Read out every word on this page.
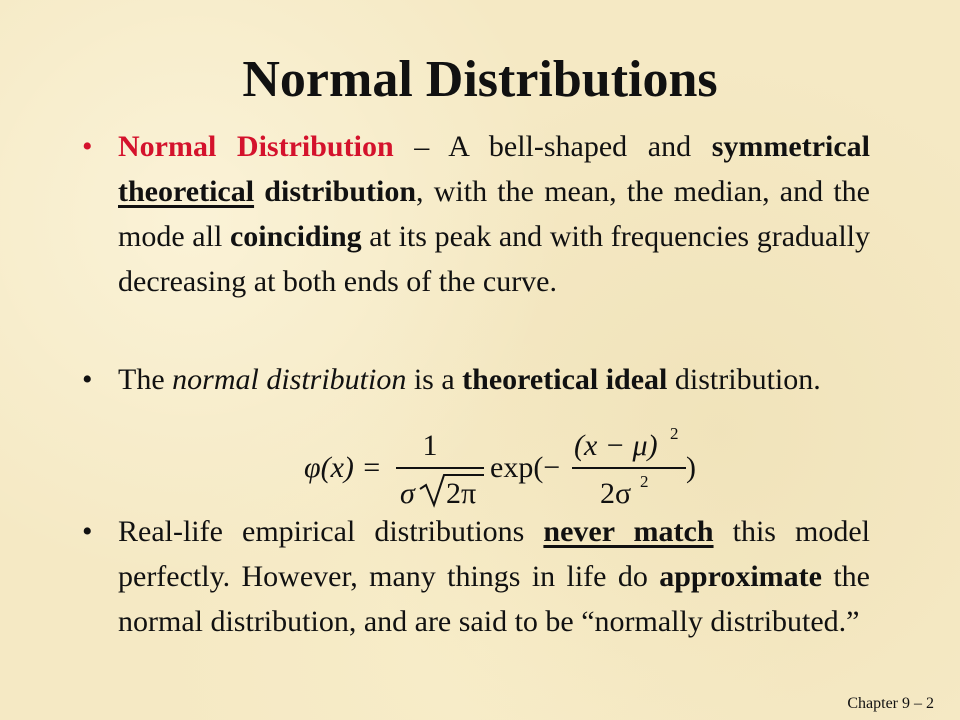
Normal Distributions
• Normal Distribution – A bell-shaped and symmetrical theoretical distribution, with the mean, the median, and the mode all coinciding at its peak and with frequencies gradually decreasing at both ends of the curve.
• The normal distribution is a theoretical ideal distribution.
• Real-life empirical distributions never match this model perfectly. However, many things in life do approximate the normal distribution, and are said to be “normally distributed.”
φ(x) =
1
σ 2π
exp(−
(x − μ) 2
2σ 2 )

Chapter 9 – 2
